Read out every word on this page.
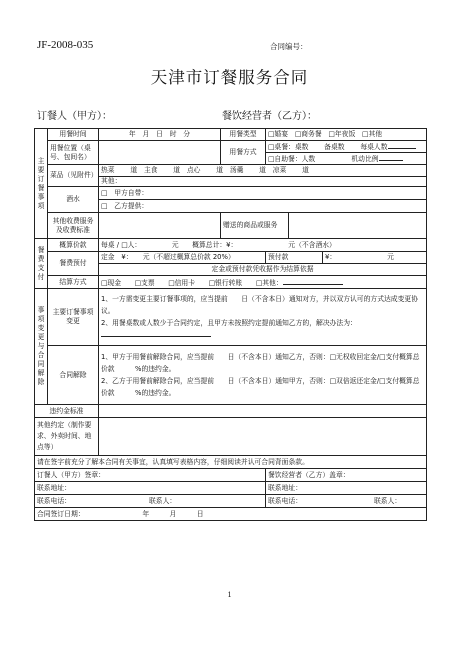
JF-2008-035	合同编号：
天津市订餐服务合同
订餐人（甲方）：	餐饮经营者（乙方）：
主要订餐事项	用餐时间	年　月　日　时　分	用餐类型	□婚宴　□商务餐　□年夜饭　□其他		
	用餐位置（桌号、包间名）		用餐方式	□桌餐：桌数　　 备桌数　　 每桌人数		
				□自助餐：人数　　　　　 机动比例		
	菜品（见附件）	热菜　　 道　主食　　 道　点心　　 道　汤羹　　 道　凉菜　　 道				
		其他：				
	酒水	□　甲方自带：				
		□　乙方提供：				
	其他收费服务及收费标准		赠送的商品或服务			

餐费支付	概算价款	每桌 / □人：　　　　　元　　概算总计：¥：　　　　　　　　元（不含酒水）				
	餐费预付	定金　¥：　　元（不超过概算总价款 20%）		预付款		¥：　　　　　　　　元
		定金或预付款凭收据作为结算依据				
	结算方式	□现金　　□支票　　□信用卡　　□银行转账　　□其他：				
事项变更与合同解除	主要订餐事项变更	1、一方需变更主要订餐事项的，应当提前　　日（不含本日）通知对方，并以双方认可的方式达成变更协议。
2、用餐桌数或人数少于合同约定，且甲方未按照约定提前通知乙方的，解决办法为：				

	合同解除	1、甲方于用餐前解除合同，应当提前　　日（不含本日）通知乙方，否则：□无权收回定金/□支付概算总价款　　　%的违约金。
2、乙方于用餐前解除合同，应当提前　　日（不含本日）通知甲方，否则：□双倍返还定金/□支付概算总价款　　　%的违约金。				

违约金标准						
其他约定（制作要求、外卖时间、地点等）						
请在签字前充分了解本合同有关事宜，认真填写表格内容，仔细阅读并认可合同背面条款。						
订餐人（甲方）签章：				餐饮经营者（乙方）盖章：		
联系地址：				联系地址：		
联系电话： 联系人：				联系电话： 联系人：		
合同签订日期：　　　　　　　　　年　　　月　　　日						
1
